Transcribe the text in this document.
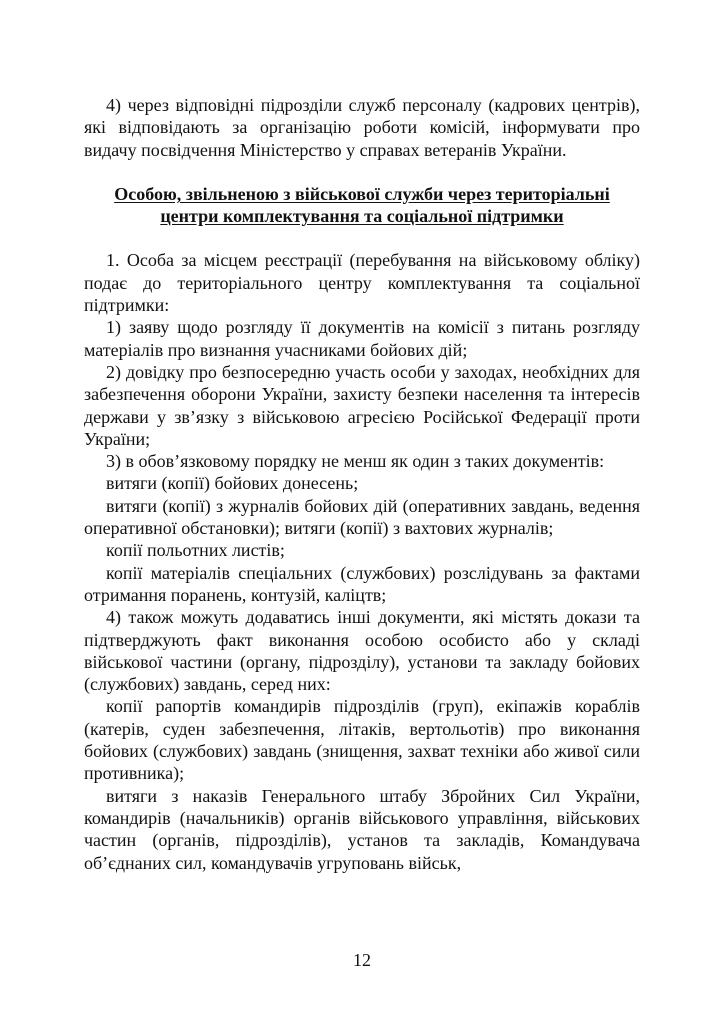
4) через відповідні підрозділи служб персоналу (кадрових центрів), які відповідають за організацію роботи комісій, інформувати про видачу посвідчення Міністерство у справах ветеранів України.

Особою, звільненою з військової служби через територіальні

центри комплектування та соціальної підтримки

1. Особа за місцем реєстрації (перебування на військовому обліку) подає до територіального центру комплектування та соціальної підтримки:

1) заяву щодо розгляду її документів на комісії з питань розгляду матеріалів про визнання учасниками бойових дій;

2) довідку про безпосередню участь особи у заходах, необхідних для забезпечення оборони України, захисту безпеки населення та інтересів держави у зв’язку з військовою агресією Російської Федерації проти України;

3) в обов’язковому порядку не менш як один з таких документів:

витяги (копії) бойових донесень;

витяги (копії) з журналів бойових дій (оперативних завдань, ведення оперативної обстановки); витяги (копії) з вахтових журналів;

копії польотних листів;

копії матеріалів спеціальних (службових) розслідувань за фактами отримання поранень, контузій, каліцтв;

4) також можуть додаватись інші документи, які містять докази та підтверджують факт виконання особою особисто або у складі військової частини (органу, підрозділу), установи та закладу бойових (службових) завдань, серед них:

копії рапортів командирів підрозділів (груп), екіпажів кораблів (катерів, суден забезпечення, літаків, вертольотів) про виконання бойових (службових) завдань (знищення, захват техніки або живої сили противника);

витяги з наказів Генерального штабу Збройних Сил України, командирів (начальників) органів військового управління, військових частин (органів, підрозділів), установ та закладів, Командувача об’єднаних сил, командувачів угруповань військ,

12
